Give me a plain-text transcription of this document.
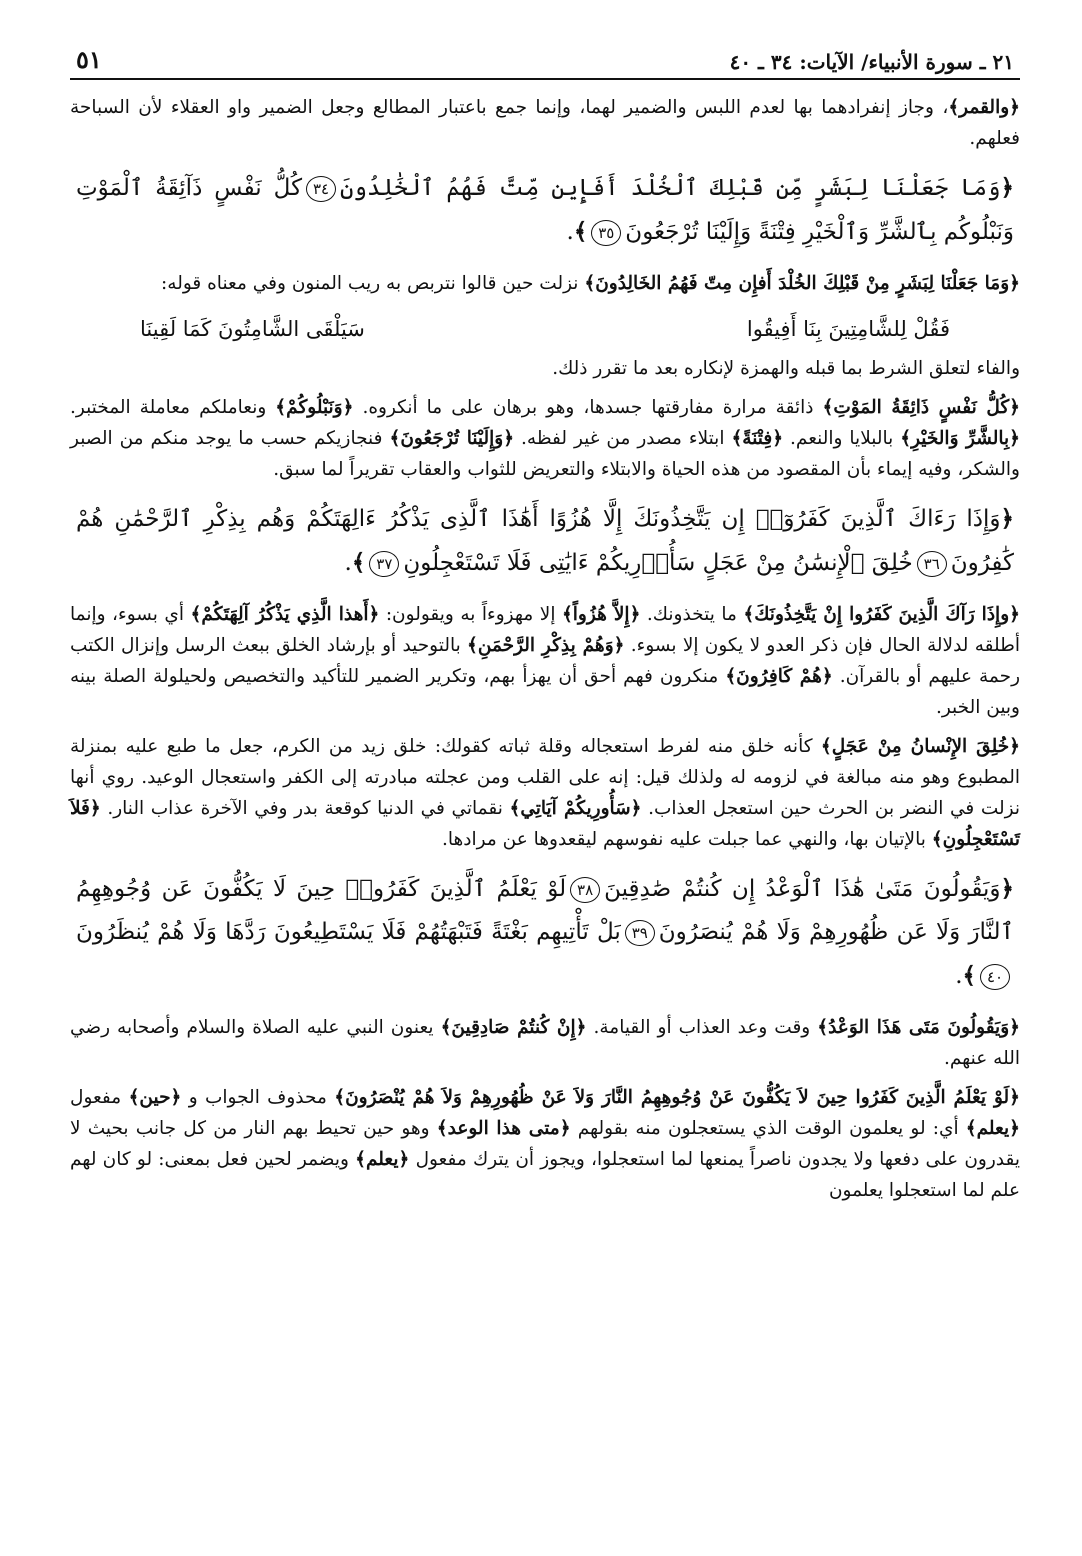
٢١ ـ سورة الأنبياء/ الآيات: ٣٤ ـ ٤٠
٥١

﴿والقمر﴾، وجاز إنفرادهما بها لعدم اللبس والضمير لهما، وإنما جمع باعتبار المطالع وجعل الضمير واو العقلاء لأن السباحة فعلهم.

﴿وَمَا جَعَلْنَا لِبَشَرٍ مِّن قَبْلِكَ ٱلْخُلْدَ أَفَإِين مِّتَّ فَهُمُ ٱلْخَٰلِدُونَ٣٤كُلُّ نَفْسٍ ذَآئِقَةُ ٱلْمَوْتِ وَنَبْلُوكُم بِٱلشَّرِّ وَٱلْخَيْرِ فِتْنَةً وَإِلَيْنَا تُرْجَعُونَ٣٥﴾.

﴿وَمَا جَعَلْنَا لِبَشَرٍ مِنْ قَبْلِكَ الخُلْدَ أَفإِن مِتّ فَهُمُ الخَالِدُونَ﴾ نزلت حين قالوا نتربص به ريب المنون وفي معناه قوله:

فَقُلْ لِلشَّامِتِينَ بِنَا أَفِيقُوا
سَيَلْقَى الشَّامِتُونَ كَمَا لَقِينَا

والفاء لتعلق الشرط بما قبله والهمزة لإنكاره بعد ما تقرر ذلك.

﴿كُلُّ نَفْسٍ ذَائِقَةُ المَوْتِ﴾ ذائقة مرارة مفارقتها جسدها، وهو برهان على ما أنكروه. ﴿وَنَبْلُوكُمْ﴾ ونعاملكم معاملة المختبر. ﴿بِالشَّرِّ وَالخَيْرِ﴾ بالبلايا والنعم. ﴿فِتْنَةً﴾ ابتلاء مصدر من غير لفظه. ﴿وَإِلَيْنَا تُرْجَعُونَ﴾ فنجازيكم حسب ما يوجد منكم من الصبر والشكر، وفيه إيماء بأن المقصود من هذه الحياة والابتلاء والتعريض للثواب والعقاب تقريراً لما سبق.

﴿وَإِذَا رَءَاكَ ٱلَّذِينَ كَفَرُوٓا۟ إِن يَتَّخِذُونَكَ إِلَّا هُزُوًا أَهَٰذَا ٱلَّذِى يَذْكُرُ ءَالِهَتَكُمْ وَهُم بِذِكْرِ ٱلرَّحْمَٰنِ هُمْ كَٰفِرُونَ٣٦خُلِقَ ٱلْإِنسَٰنُ مِنْ عَجَلٍ سَأُو۟رِيكُمْ ءَايَٰتِى فَلَا تَسْتَعْجِلُونِ٣٧﴾.

﴿وإِذَا رَآكَ الَّذِينَ كَفَرُوا إِنْ يَتَّخِذُونَكَ﴾ ما يتخذونك. ﴿إِلاَّ هُزُواً﴾ إلا مهزوءاً به ويقولون: ﴿أَهذا الَّذِي يَذْكُرُ آلِهَتَكُمْ﴾ أي بسوء، وإنما أطلقه لدلالة الحال فإن ذكر العدو لا يكون إلا بسوء. ﴿وَهُمْ بِذِكْرِ الرَّحْمَنِ﴾ بالتوحيد أو بإرشاد الخلق ببعث الرسل وإنزال الكتب رحمة عليهم أو بالقرآن. ﴿هُمْ كَافِرُونَ﴾ منكرون فهم أحق أن يهزأ بهم، وتكرير الضمير للتأكيد والتخصيص ولحيلولة الصلة بينه وبين الخبر.

﴿خُلِقَ الإِنْسانُ مِنْ عَجَلٍ﴾ كأنه خلق منه لفرط استعجاله وقلة ثباته كقولك: خلق زيد من الكرم، جعل ما طبع عليه بمنزلة المطبوع وهو منه مبالغة في لزومه له ولذلك قيل: إنه على القلب ومن عجلته مبادرته إلى الكفر واستعجال الوعيد. روي أنها نزلت في النضر بن الحرث حين استعجل العذاب. ﴿سَأُورِيكُمْ آيَاتِي﴾ نقماتي في الدنيا كوقعة بدر وفي الآخرة عذاب النار. ﴿فَلاَ تَسْتَعْجِلُونِ﴾ بالإتيان بها، والنهي عما جبلت عليه نفوسهم ليقعدوها عن مرادها.

﴿وَيَقُولُونَ مَتَىٰ هَٰذَا ٱلْوَعْدُ إِن كُنتُمْ صَٰدِقِينَ٣٨لَوْ يَعْلَمُ ٱلَّذِينَ كَفَرُوا۟ حِينَ لَا يَكُفُّونَ عَن وُجُوهِهِمُ ٱلنَّارَ وَلَا عَن ظُهُورِهِمْ وَلَا هُمْ يُنصَرُونَ٣٩بَلْ تَأْتِيهِم بَغْتَةً فَتَبْهَتُهُمْ فَلَا يَسْتَطِيعُونَ رَدَّهَا وَلَا هُمْ يُنظَرُونَ٤٠﴾.

﴿وَيَقُولُونَ مَتَى هَذَا الوَعْدُ﴾ وقت وعد العذاب أو القيامة. ﴿إِنْ كُنتُمْ صَادِقِينَ﴾ يعنون النبي عليه الصلاة والسلام وأصحابه رضي الله عنهم.

﴿لَوْ يَعْلَمُ الَّذِينَ كَفَرُوا حِينَ لاَ يَكُفُّونَ عَنْ وُجُوهِهِمُ النَّارَ وَلاَ عَنْ ظُهُورِهِمْ وَلاَ هُمْ يُنْصَرُونَ﴾ محذوف الجواب و ﴿حين﴾ مفعول ﴿يعلم﴾ أي: لو يعلمون الوقت الذي يستعجلون منه بقولهم ﴿متى هذا الوعد﴾ وهو حين تحيط بهم النار من كل جانب بحيث لا يقدرون على دفعها ولا يجدون ناصراً يمنعها لما استعجلوا، ويجوز أن يترك مفعول ﴿يعلم﴾ ويضمر لحين فعل بمعنى: لو كان لهم علم لما استعجلوا يعلمون
